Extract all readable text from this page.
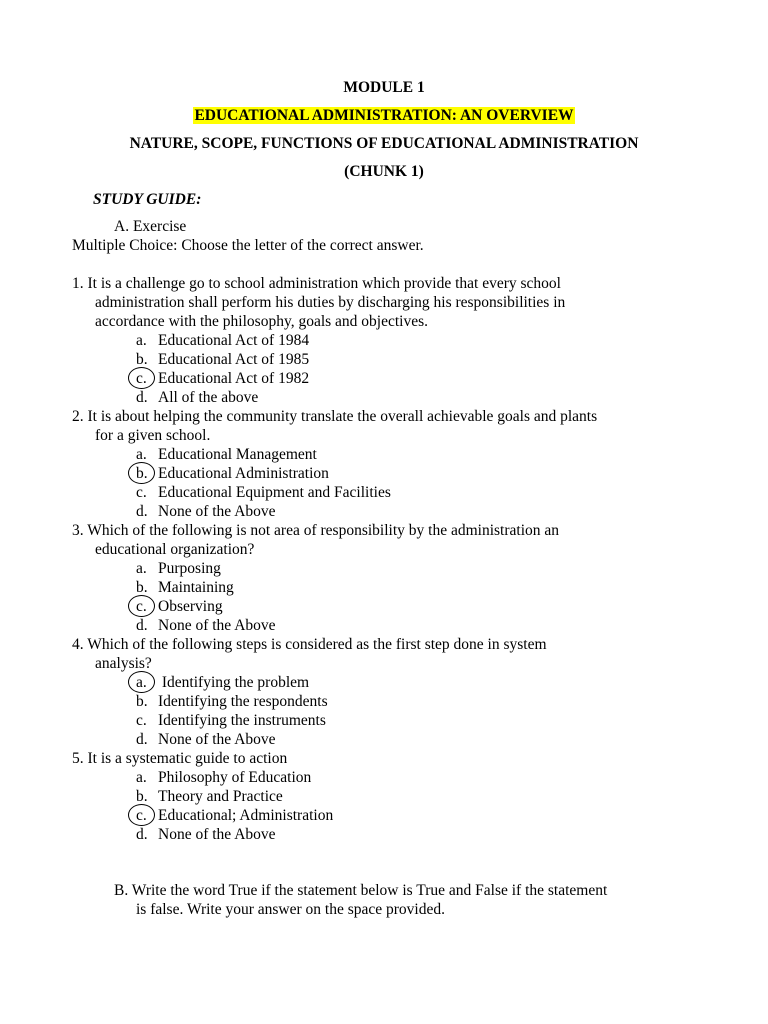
MODULE 1
EDUCATIONAL ADMINISTRATION: AN OVERVIEW
NATURE, SCOPE, FUNCTIONS OF EDUCATIONAL ADMINISTRATION
(CHUNK 1)
STUDY GUIDE:
A. Exercise
Multiple Choice: Choose the letter of the correct answer.
1. It is a challenge go to school administration which provide that every school
administration shall perform his duties by discharging his responsibilities in
accordance with the philosophy, goals and objectives.
a. Educational Act of 1984
b. Educational Act of 1985
c. Educational Act of 1982
d. All of the above
2. It is about helping the community translate the overall achievable goals and plants
for a given school.
a. Educational Management
b. Educational Administration
c. Educational Equipment and Facilities
d. None of the Above
3. Which of the following is not area of responsibility by the administration an
educational organization?
a. Purposing
b. Maintaining
c. Observing
d. None of the Above
4. Which of the following steps is considered as the first step done in system
analysis?
a. Identifying the problem
b. Identifying the respondents
c. Identifying the instruments
d. None of the Above
5. It is a systematic guide to action
a. Philosophy of Education
b. Theory and Practice
c. Educational; Administration
d. None of the Above
B. Write the word True if the statement below is True and False if the statement
is false. Write your answer on the space provided.
